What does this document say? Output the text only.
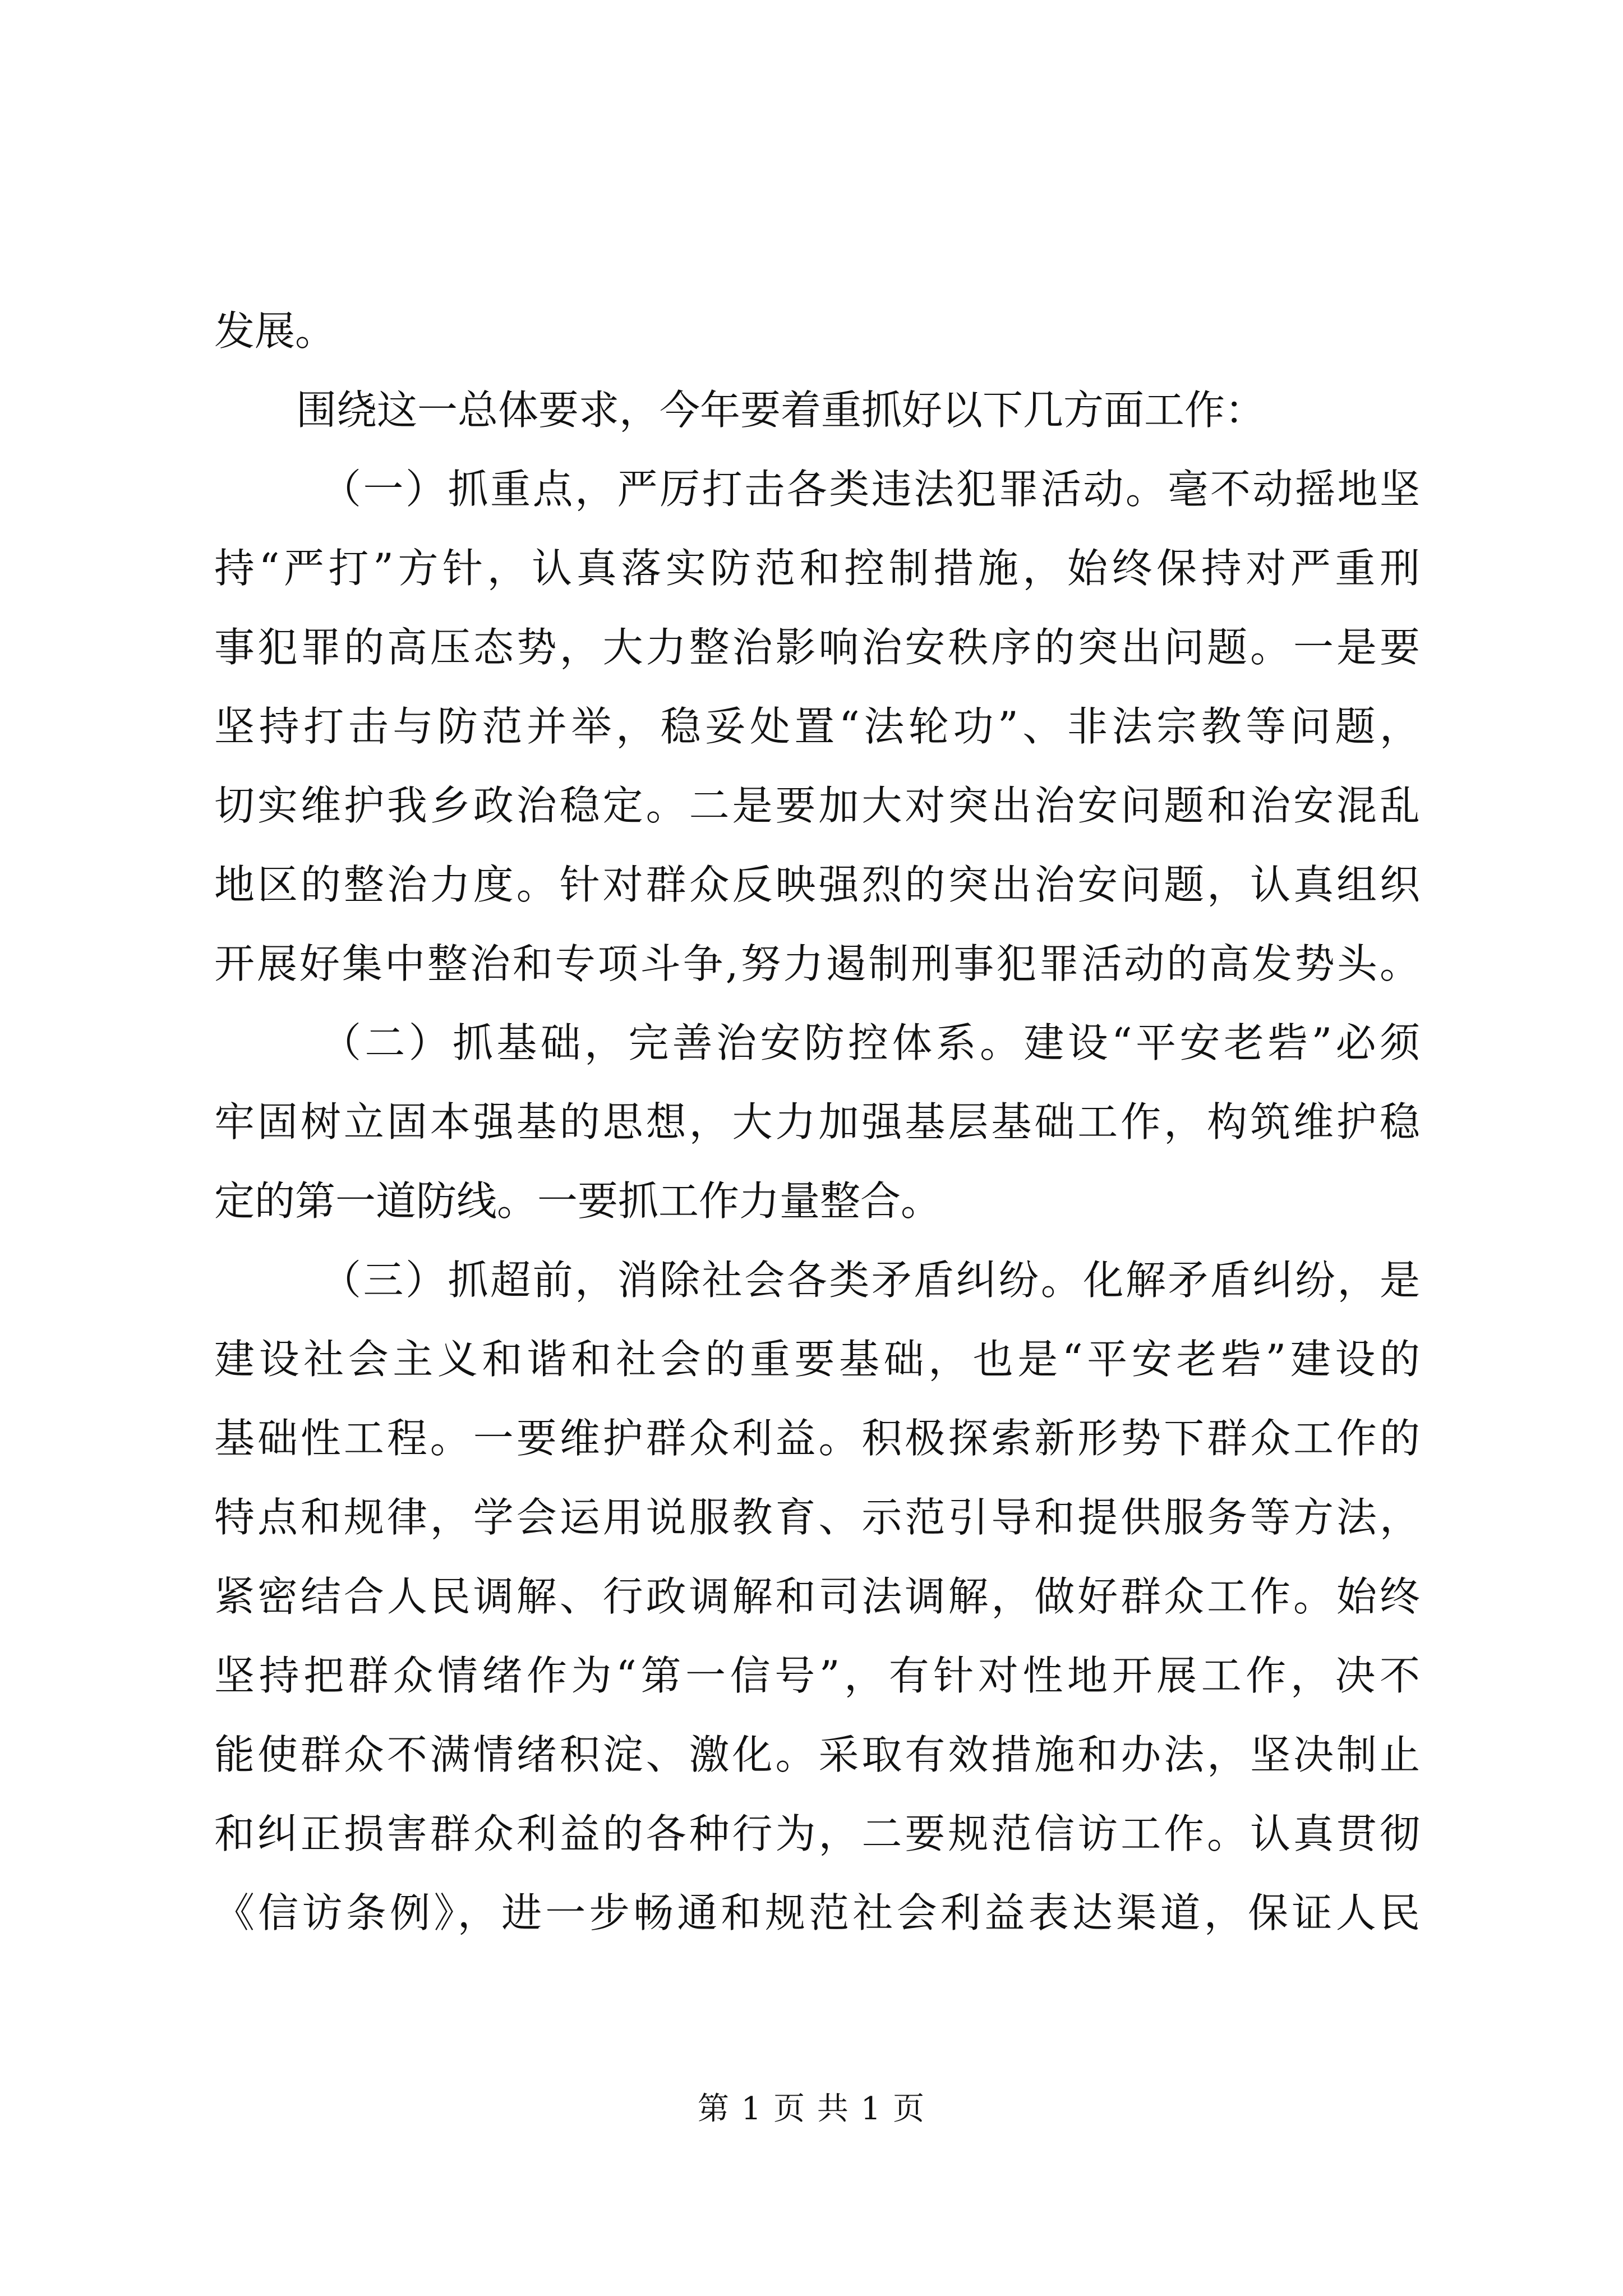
发展。
围绕这一总体要求，今年要着重抓好以下几方面工作：
（一）抓重点，严厉打击各类违法犯罪活动。毫不动摇地坚
持“严打”方针，认真落实防范和控制措施，始终保持对严重刑
事犯罪的高压态势，大力整治影响治安秩序的突出问题。一是要
坚持打击与防范并举，稳妥处置“法轮功”、非法宗教等问题，
切实维护我乡政治稳定。二是要加大对突出治安问题和治安混乱
地区的整治力度。针对群众反映强烈的突出治安问题，认真组织
开展好集中整治和专项斗争,努力遏制刑事犯罪活动的高发势头。
（二）抓基础，完善治安防控体系。建设“平安老砦”必须
牢固树立固本强基的思想，大力加强基层基础工作，构筑维护稳
定的第一道防线。一要抓工作力量整合。
（三）抓超前，消除社会各类矛盾纠纷。化解矛盾纠纷，是
建设社会主义和谐和社会的重要基础，也是“平安老砦”建设的
基础性工程。一要维护群众利益。积极探索新形势下群众工作的
特点和规律，学会运用说服教育、示范引导和提供服务等方法，
紧密结合人民调解、行政调解和司法调解，做好群众工作。始终
坚持把群众情绪作为“第一信号”，有针对性地开展工作，决不
能使群众不满情绪积淀、激化。采取有效措施和办法，坚决制止
和纠正损害群众利益的各种行为，二要规范信访工作。认真贯彻
《信访条例》，进一步畅通和规范社会利益表达渠道，保证人民
第 1 页 共 1 页
